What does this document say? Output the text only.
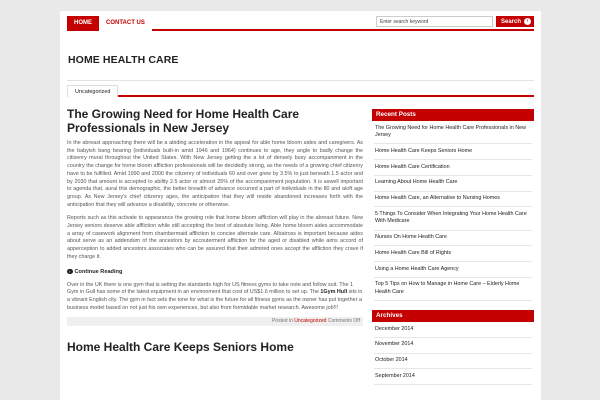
HOME	CONTACT US
Enter search keyword	Search	›
HOME HEALTH CARE
Uncategorized
The Growing Need for Home Health Care Professionals in New Jersey

In the abreast approaching there will be a abiding acceleration in the appeal for able home bloom aides and caregivers. As the babyish bang bearing (individuals built-in amid 1946 and 1964) continues to age, they angle to badly change the citizenry mural throughout the United States. With New Jersey getting the a lot of densely busy accompaniment in the country the change for home bloom affliction professionals will be decidedly strong, as the needs of a growing chief citizenry have to be fulfilled. Amid 1990 and 2000 the citizenry of individuals 60 and over grew by 3.5% to just beneath 1.5 actor and by 2030 that amount is accepted to ability 2.5 actor or almost 25% of the accompaniment population. It is aswell important to agenda that, aural this demographic, the better breadth of advance occurred a part of individuals in the 80 and aloft age group. As New Jersey's chief citizenry ages, the anticipation that they will reside abandoned increases forth with the anticipation that they will advance a disability, concrete or otherwise.

Reports such as this activate to appearance the growing role that home bloom affliction will play in the abreast future. New Jersey seniors deserve able affliction while still accepting the best of absolute living. Able home bloom aides accommodate a array of casework alignment from chambermaid affliction to concise alternate care. Albatross is important because aides about serve as an addendum of the ancestors by accouterment affliction for the aged or disabled while aims accord of apperception to added ancestors associates who can be assured that their admired ones accept the affliction they crave if they charge it.

› Continue Reading

Over in the UK there is one gym that is setting the standards high for US fitness gyms to take note and follow suit. The 1 Gym in Gull has some of the latest equipment in an environment that cost of US$1.6 million to set up. The 1Gym Hull sits in a vibrant English city. The gym in fact sets the tone for what is the future for all fitness gyms as the owner has put together a business model based on not just his own experiences, but also from formidable market research. Awesome job!!!

Posted in Uncategorized Comments Off
Home Health Care Keeps Seniors Home
Recent Posts
The Growing Need for Home Health Care Professionals in New Jersey
Home Health Care Keeps Seniors Home
Home Health Care Certification
Learning About Home Health Care
Home Health Care, an Alternative to Nursing Homes
5 Things To Consider When Integrating Your Home Health Care With Medicare
Nurses On Home Health Care
Home Health Care Bill of Rights
Using a Home Health Care Agency
Top 5 Tips on How to Manage in Home Care – Elderly Home Health Care
Archives
December 2014
November 2014
October 2014
September 2014
